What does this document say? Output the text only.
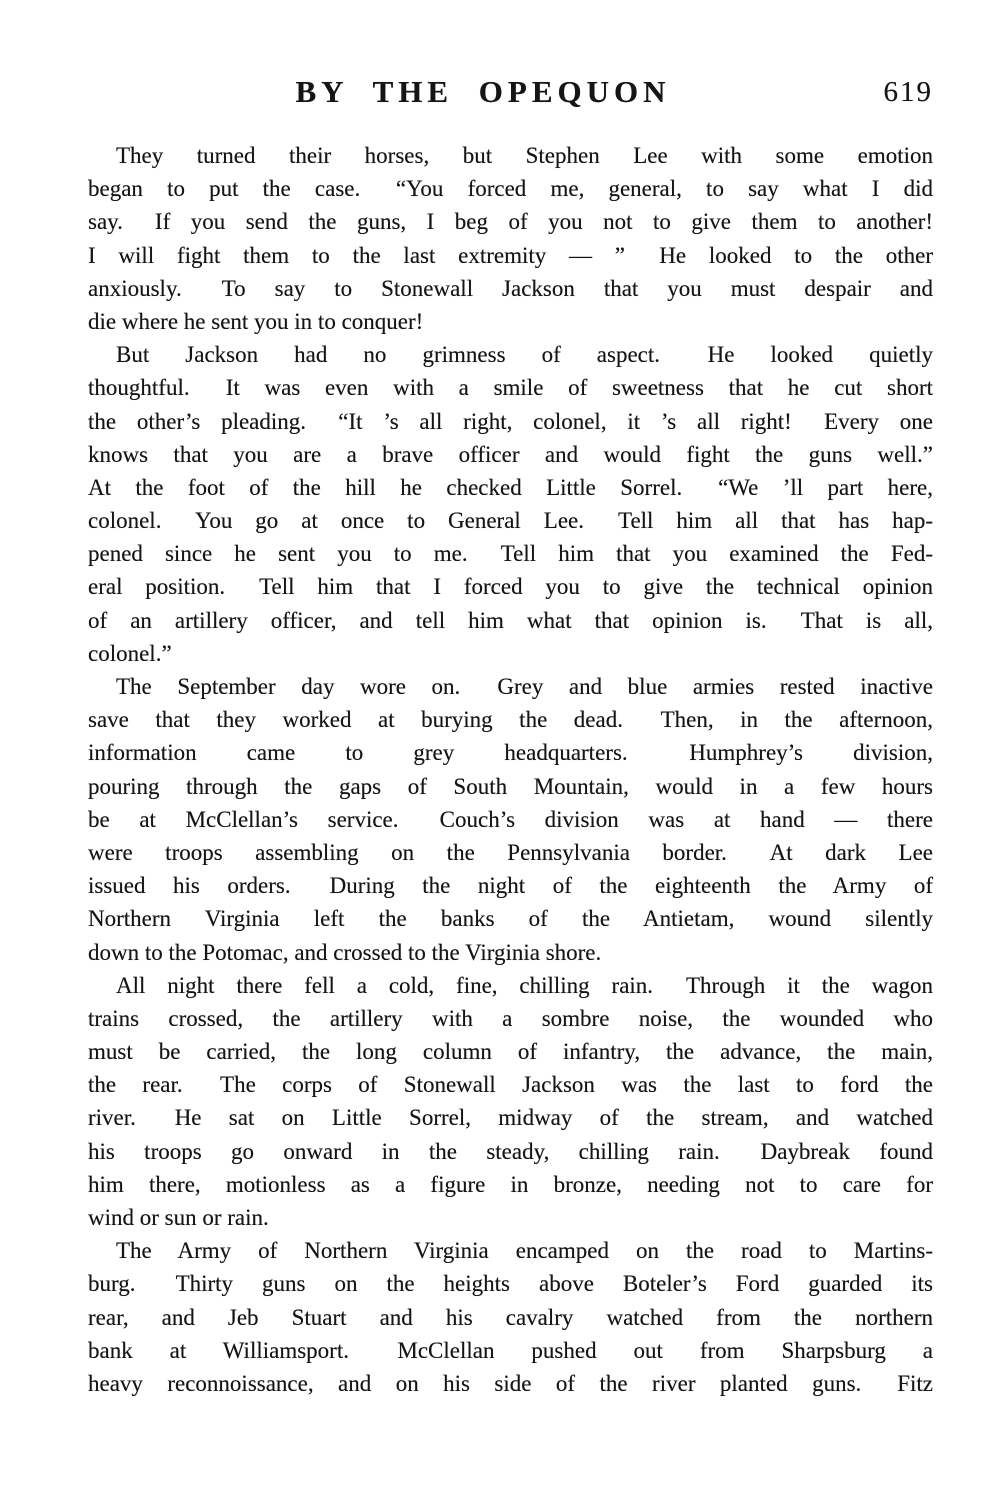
BY THE OPEQUON	619
They turned their horses, but Stephen Lee with some emotion
began to put the case.  “You forced me, general, to say what I did
say.  If you send the guns, I beg of you not to give them to another!
I will fight them to the last extremity — ”  He looked to the other
anxiously.  To say to Stonewall Jackson that you must despair and
die where he sent you in to conquer!
But Jackson had no grimness of aspect.  He looked quietly
thoughtful.  It was even with a smile of sweetness that he cut short
the other’s pleading.  “It ’s all right, colonel, it ’s all right!  Every one
knows that you are a brave officer and would fight the guns well.”
At the foot of the hill he checked Little Sorrel.  “We ’ll part here,
colonel.  You go at once to General Lee.  Tell him all that has hap-
pened since he sent you to me.  Tell him that you examined the Fed-
eral position.  Tell him that I forced you to give the technical opinion
of an artillery officer, and tell him what that opinion is.  That is all,
colonel.”
The September day wore on.  Grey and blue armies rested inactive
save that they worked at burying the dead.  Then, in the afternoon,
information came to grey headquarters.  Humphrey’s division,
pouring through the gaps of South Mountain, would in a few hours
be at McClellan’s service.  Couch’s division was at hand — there
were troops assembling on the Pennsylvania border.  At dark Lee
issued his orders.  During the night of the eighteenth the Army of
Northern Virginia left the banks of the Antietam, wound silently
down to the Potomac, and crossed to the Virginia shore.
All night there fell a cold, fine, chilling rain.  Through it the wagon
trains crossed, the artillery with a sombre noise, the wounded who
must be carried, the long column of infantry, the advance, the main,
the rear.  The corps of Stonewall Jackson was the last to ford the
river.  He sat on Little Sorrel, midway of the stream, and watched
his troops go onward in the steady, chilling rain.  Daybreak found
him there, motionless as a figure in bronze, needing not to care for
wind or sun or rain.
The Army of Northern Virginia encamped on the road to Martins-
burg.  Thirty guns on the heights above Boteler’s Ford guarded its
rear, and Jeb Stuart and his cavalry watched from the northern
bank at Williamsport.  McClellan pushed out from Sharpsburg a
heavy reconnoissance, and on his side of the river planted guns.  Fitz
